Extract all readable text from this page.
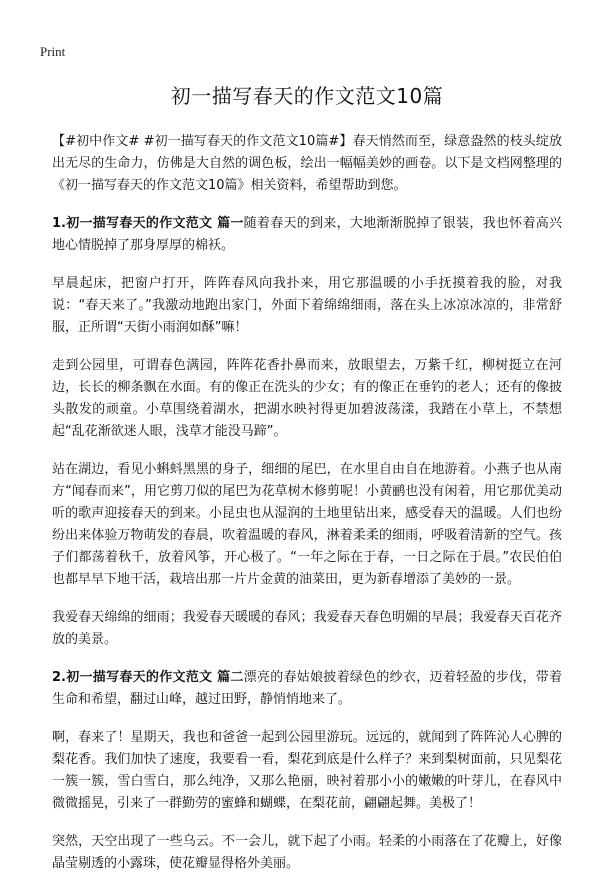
Print
初一描写春天的作文范文10篇

【#初中作文# #初一描写春天的作文范文10篇#】春天悄然而至，绿意盎然的枝头绽放出无尽的生命力，仿佛是大自然的调色板，绘出一幅幅美妙的画卷。以下是文档网整理的《初一描写春天的作文范文10篇》相关资料，希望帮助到您。

1.初一描写春天的作文范文 篇一随着春天的到来，大地渐渐脱掉了银装，我也怀着高兴地心情脱掉了那身厚厚的棉袄。

早晨起床，把窗户打开，阵阵春风向我扑来，用它那温暖的小手抚摸着我的脸，对我说：“春天来了。”我激动地跑出家门，外面下着绵绵细雨，落在头上冰凉冰凉的，非常舒服，正所谓“天街小雨润如酥”嘛！

走到公园里，可谓春色满园，阵阵花香扑鼻而来，放眼望去，万紫千红，柳树挺立在河边，长长的柳条飘在水面。有的像正在洗头的少女；有的像正在垂钓的老人；还有的像披头散发的顽童。小草围绕着湖水，把湖水映衬得更加碧波荡漾，我踏在小草上，不禁想起“乱花渐欲迷人眼，浅草才能没马蹄”。

站在湖边，看见小蝌蚪黑黑的身子，细细的尾巴，在水里自由自在地游着。小燕子也从南方“闻春而来”，用它剪刀似的尾巴为花草树木修剪呢！小黄鹂也没有闲着，用它那优美动听的歌声迎接春天的到来。小昆虫也从湿润的土地里钻出来，感受春天的温暖。人们也纷纷出来体验万物萌发的春晨，吹着温暖的春风，淋着柔柔的细雨，呼吸着清新的空气。孩子们都荡着秋千，放着风筝，开心极了。“一年之际在于春，一日之际在于晨。”农民伯伯也都早早下地干活，栽培出那一片片金黄的油菜田，更为新春增添了美妙的一景。

我爱春天绵绵的细雨；我爱春天暖暖的春风；我爱春天春色明媚的早晨；我爱春天百花齐放的美景。

2.初一描写春天的作文范文 篇二漂亮的春姑娘披着绿色的纱衣，迈着轻盈的步伐，带着生命和希望，翻过山峰，越过田野，静悄悄地来了。

啊，春来了！星期天，我也和爸爸一起到公园里游玩。远远的，就闻到了阵阵沁人心脾的梨花香。我们加快了速度，我要看一看，梨花到底是什么样子？来到梨树面前，只见梨花一簇一簇，雪白雪白，那么纯净，又那么艳丽，映衬着那小小的嫩嫩的叶芽儿，在春风中微微摇晃，引来了一群勤劳的蜜蜂和蝴蝶，在梨花前，翩翩起舞。美极了！

突然，天空出现了一些乌云。不一会儿，就下起了小雨。轻柔的小雨落在了花瓣上，好像晶莹剔透的小露珠，使花瓣显得格外美丽。
